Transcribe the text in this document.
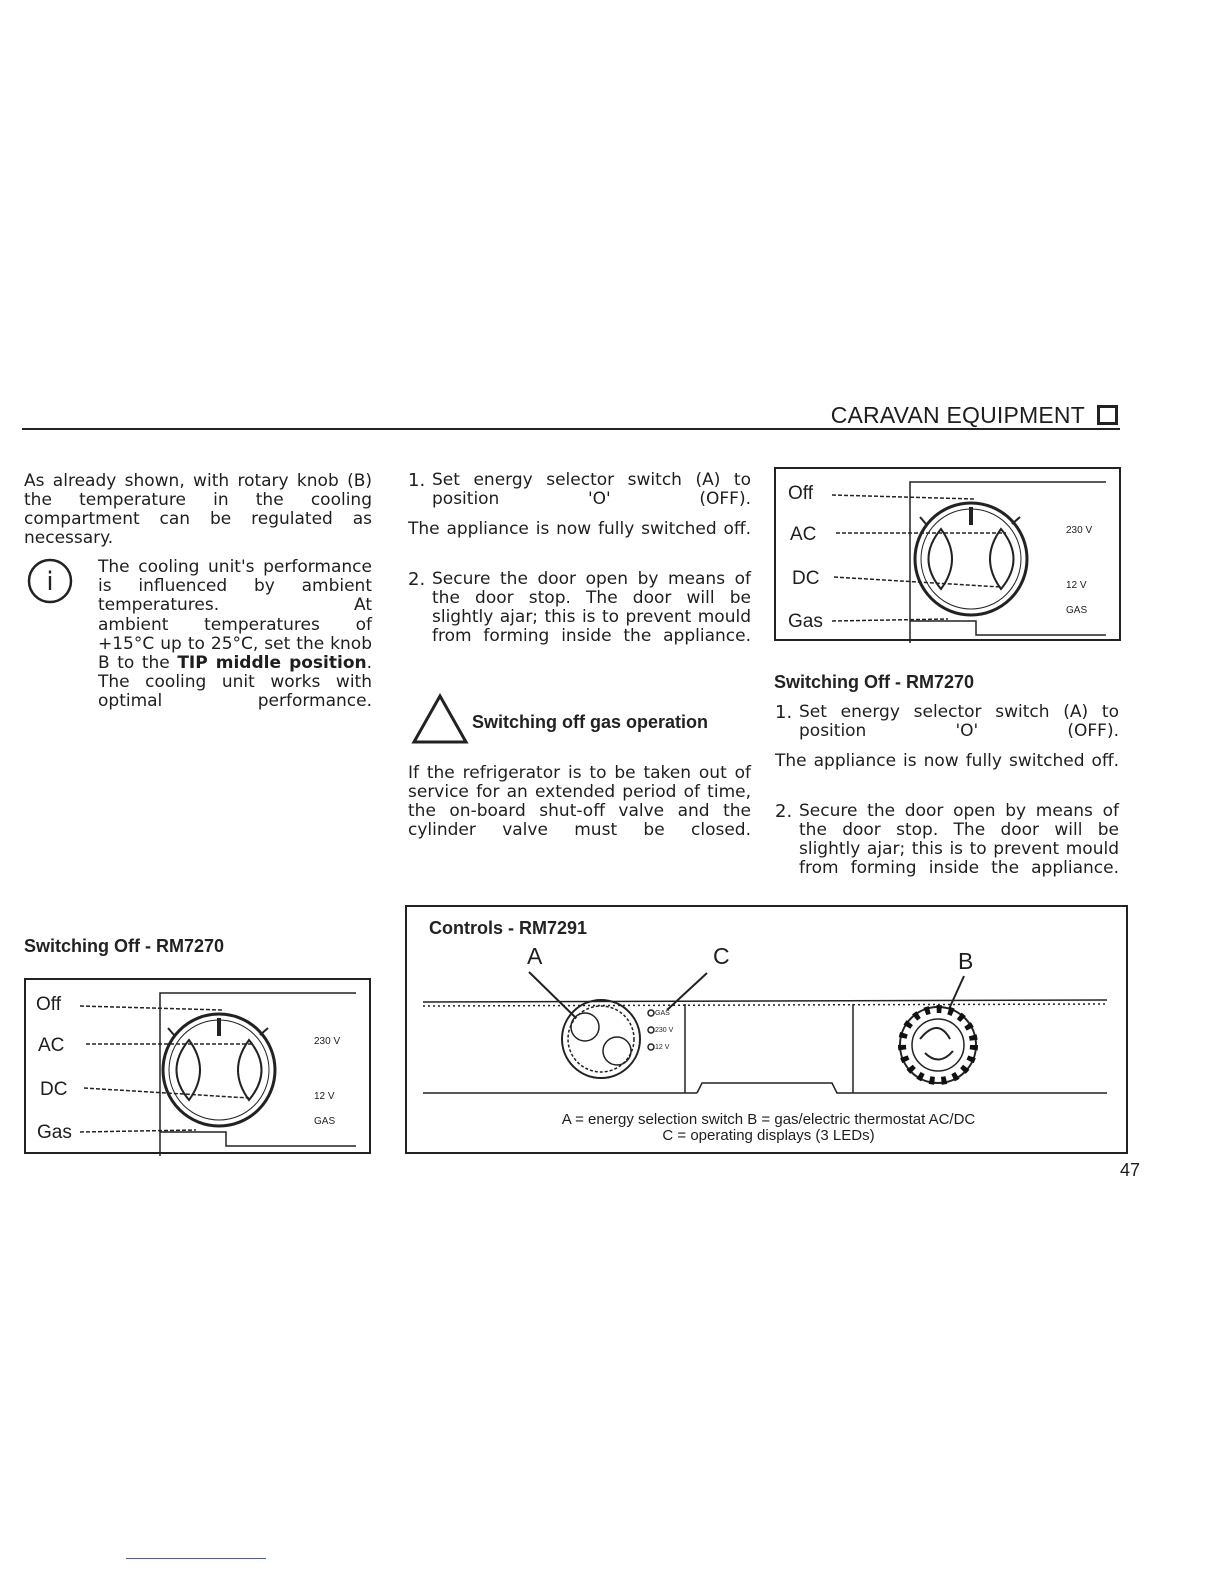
CARAVAN EQUIPMENT
As already shown, with rotary knob (B) the temperature in the cooling compartment can be regulated as necessary.
i	The cooling unit's performance is influenced by ambient temperatures. At
ambient temperatures of +15°C up to 25°C, set the knob B to the TIP middle position. The cooling unit works with optimal performance.
1. Set energy selector switch (A) to position 'O' (OFF).
The appliance is now fully switched off.
2. Secure the door open by means of the door stop. The door will be slightly ajar; this is to prevent mould from forming inside the appliance.
Switching off gas operation
If the refrigerator is to be taken out of service for an extended period of time, the on-board shut-off valve and the cylinder valve must be closed.
Off
AC
DC
Gas
230 V
12 V
GAS
Switching Off - RM7270
1. Set energy selector switch (A) to position 'O' (OFF).
The appliance is now fully switched off.
2. Secure the door open by means of the door stop. The door will be slightly ajar; this is to prevent mould from forming inside the appliance.
Switching Off - RM7270
Off
AC
DC
Gas
230 V
12 V
GAS
Controls - RM7291
A	C	B
GAS
230 V
12 V
A = energy selection switch B = gas/electric thermostat AC/DC
C = operating displays (3 LEDs)
47
